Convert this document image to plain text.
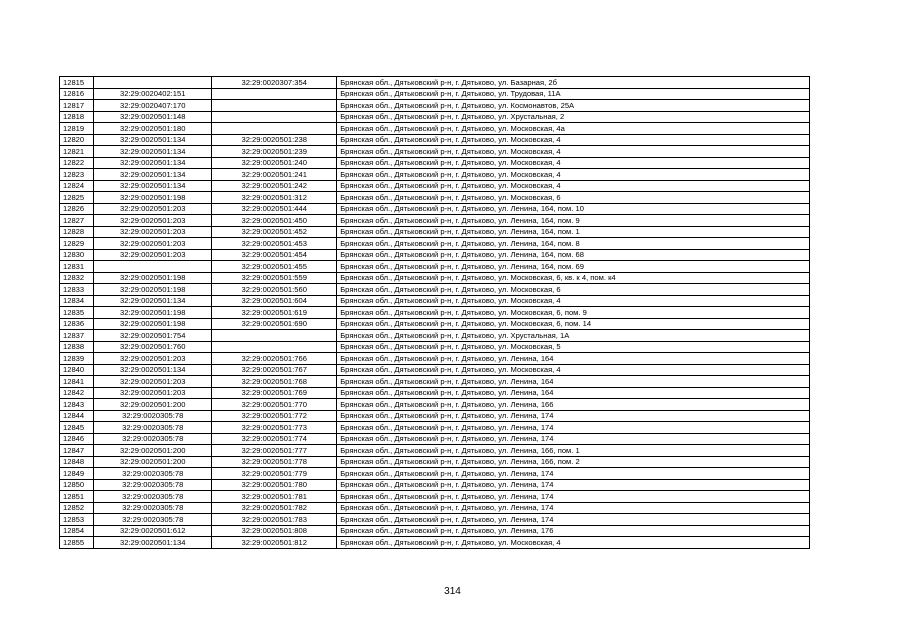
12815		32:29:0020307:354	Брянская обл., Дятьковский р-н, г. Дятьково, ул. Базарная, 2б
12816	32:29:0020402:151		Брянская обл., Дятьковский р-н, г. Дятьково, ул. Трудовая, 11А
12817	32:29:0020407:170		Брянская обл., Дятьковский р-н, г. Дятьково, ул. Космонавтов, 25А
12818	32:29:0020501:148		Брянская обл., Дятьковский р-н, г. Дятьково, ул. Хрустальная, 2
12819	32:29:0020501:180		Брянская обл., Дятьковский р-н, г. Дятьково, ул. Московская, 4а
12820	32:29:0020501:134	32:29:0020501:238	Брянская обл., Дятьковский р-н, г. Дятьково, ул. Московская, 4
12821	32:29:0020501:134	32:29:0020501:239	Брянская обл., Дятьковский р-н, г. Дятьково, ул. Московская, 4
12822	32:29:0020501:134	32:29:0020501:240	Брянская обл., Дятьковский р-н, г. Дятьково, ул. Московская, 4
12823	32:29:0020501:134	32:29:0020501:241	Брянская обл., Дятьковский р-н, г. Дятьково, ул. Московская, 4
12824	32:29:0020501:134	32:29:0020501:242	Брянская обл., Дятьковский р-н, г. Дятьково, ул. Московская, 4
12825	32:29:0020501:198	32:29:0020501:312	Брянская обл., Дятьковский р-н, г. Дятьково, ул. Московская, 6
12826	32:29:0020501:203	32:29:0020501:444	Брянская обл., Дятьковский р-н, г. Дятьково, ул. Ленина, 164, пом. 10
12827	32:29:0020501:203	32:29:0020501:450	Брянская обл., Дятьковский р-н, г. Дятьково, ул. Ленина, 164, пом. 9
12828	32:29:0020501:203	32:29:0020501:452	Брянская обл., Дятьковский р-н, г. Дятьково, ул. Ленина, 164, пом. 1
12829	32:29:0020501:203	32:29:0020501:453	Брянская обл., Дятьковский р-н, г. Дятьково, ул. Ленина, 164, пом. 8
12830	32:29:0020501:203	32:29:0020501:454	Брянская обл., Дятьковский р-н, г. Дятьково, ул. Ленина, 164, пом. 68
12831		32:29:0020501:455	Брянская обл., Дятьковский р-н, г. Дятьково, ул. Ленина, 164, пом. 69
12832	32:29:0020501:198	32:29:0020501:559	Брянская обл., Дятьковский р-н, г. Дятьково, ул. Московская, 6, кв. к 4, пом. к4
12833	32:29:0020501:198	32:29:0020501:560	Брянская обл., Дятьковский р-н, г. Дятьково, ул. Московская, 6
12834	32:29:0020501:134	32:29:0020501:604	Брянская обл., Дятьковский р-н, г. Дятьково, ул. Московская, 4
12835	32:29:0020501:198	32:29:0020501:619	Брянская обл., Дятьковский р-н, г. Дятьково, ул. Московская, 6, пом. 9
12836	32:29:0020501:198	32:29:0020501:690	Брянская обл., Дятьковский р-н, г. Дятьково, ул. Московская, 6, пом. 14
12837	32:29:0020501:754		Брянская обл., Дятьковский р-н, г. Дятьково, ул. Хрустальная, 1А
12838	32:29:0020501:760		Брянская обл., Дятьковский р-н, г. Дятьково, ул. Московская, 5
12839	32:29:0020501:203	32:29:0020501:766	Брянская обл., Дятьковский р-н, г. Дятьково, ул. Ленина, 164
12840	32:29:0020501:134	32:29:0020501:767	Брянская обл., Дятьковский р-н, г. Дятьково, ул. Московская, 4
12841	32:29:0020501:203	32:29:0020501:768	Брянская обл., Дятьковский р-н, г. Дятьково, ул. Ленина, 164
12842	32:29:0020501:203	32:29:0020501:769	Брянская обл., Дятьковский р-н, г. Дятьково, ул. Ленина, 164
12843	32:29:0020501:200	32:29:0020501:770	Брянская обл., Дятьковский р-н, г. Дятьково, ул. Ленина, 166
12844	32:29:0020305:78	32:29:0020501:772	Брянская обл., Дятьковский р-н, г. Дятьково, ул. Ленина, 174
12845	32:29:0020305:78	32:29:0020501:773	Брянская обл., Дятьковский р-н, г. Дятьково, ул. Ленина, 174
12846	32:29:0020305:78	32:29:0020501:774	Брянская обл., Дятьковский р-н, г. Дятьково, ул. Ленина, 174
12847	32:29:0020501:200	32:29:0020501:777	Брянская обл., Дятьковский р-н, г. Дятьково, ул. Ленина, 166, пом. 1
12848	32:29:0020501:200	32:29:0020501:778	Брянская обл., Дятьковский р-н, г. Дятьково, ул. Ленина, 166, пом. 2
12849	32:29:0020305:78	32:29:0020501:779	Брянская обл., Дятьковский р-н, г. Дятьково, ул. Ленина, 174
12850	32:29:0020305:78	32:29:0020501:780	Брянская обл., Дятьковский р-н, г. Дятьково, ул. Ленина, 174
12851	32:29:0020305:78	32:29:0020501:781	Брянская обл., Дятьковский р-н, г. Дятьково, ул. Ленина, 174
12852	32:29:0020305:78	32:29:0020501:782	Брянская обл., Дятьковский р-н, г. Дятьково, ул. Ленина, 174
12853	32:29:0020305:78	32:29:0020501:783	Брянская обл., Дятьковский р-н, г. Дятьково, ул. Ленина, 174
12854	32:29:0020501:612	32:29:0020501:808	Брянская обл., Дятьковский р-н, г. Дятьково, ул. Ленина, 176
12855	32:29:0020501:134	32:29:0020501:812	Брянская обл., Дятьковский р-н, г. Дятьково, ул. Московская, 4
314
